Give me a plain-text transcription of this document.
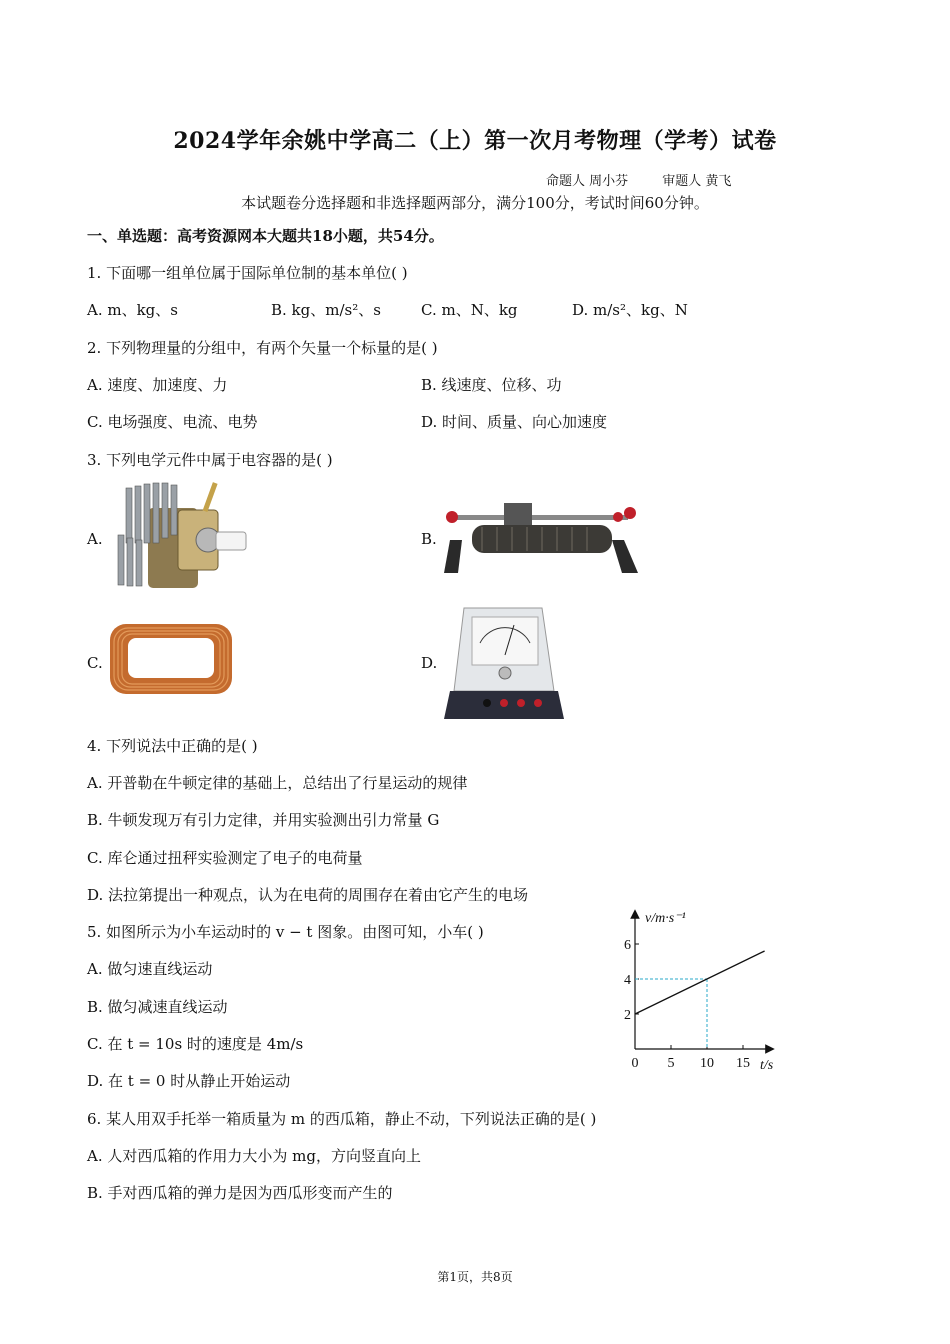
2024学年余姚中学高二（上）第一次月考物理（学考）试卷
命题人 周小芬	审题人 黄飞
本试题卷分选择题和非选择题两部分，满分100分，考试时间60分钟。
一、单选题：高考资源网本大题共18小题，共54分。
1. 下面哪一组单位属于国际单位制的基本单位( )
A. m、kg、s	B. kg、m/s²、s	C. m、N、kg	D. m/s²、kg、N
2. 下列物理量的分组中，有两个矢量一个标量的是( )
A. 速度、加速度、力	B. 线速度、位移、功
C. 电场强度、电流、电势	D. 时间、质量、向心加速度
3. 下列电学元件中属于电容器的是( )
A.	B.
C.	D.
4. 下列说法中正确的是( )
A. 开普勒在牛顿定律的基础上，总结出了行星运动的规律
B. 牛顿发现万有引力定律，并用实验测出引力常量 G
C. 库仑通过扭秤实验测定了电子的电荷量
D. 法拉第提出一种观点，认为在电荷的周围存在着由它产生的电场
5. 如图所示为小车运动时的 v − t 图象。由图可知，小车( )
A. 做匀速直线运动
B. 做匀减速直线运动
C. 在 t = 10s 时的速度是 4m/s
D. 在 t = 0 时从静止开始运动
0 5 10 15
2
4
6
v/m·s⁻¹
t/s
6. 某人用双手托举一箱质量为 m 的西瓜箱，静止不动，下列说法正确的是( )
A. 人对西瓜箱的作用力大小为 mg，方向竖直向上
B. 手对西瓜箱的弹力是因为西瓜形变而产生的
第1页，共8页
